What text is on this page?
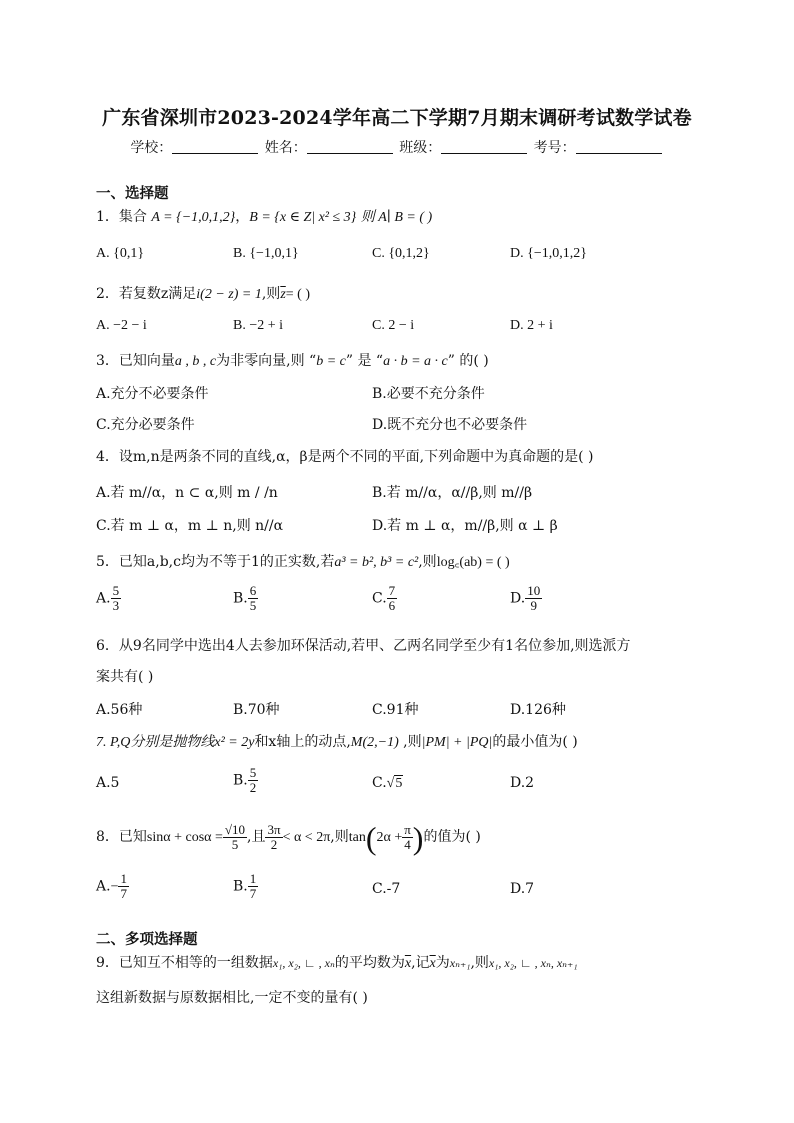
广东省深圳市2023-2024学年高二下学期7月期末调研考试数学试卷
学校：	姓名：	班级：	考号：
一、选择题
1．集合 A = {−1,0,1,2}，B = {x ∈ Z| x² ≤ 3} 则 A∣ B = ( )
A. {0,1}	B. {−1,0,1}	C. {0,1,2}	D. {−1,0,1,2}
2．若复数z满足i(2 − z) = 1,则$\overline{z}=$ ( )
A. −2 − i	B. −2 + i	C. 2 − i	D. 2 + i
3．已知向量a , b , c为非零向量,则 “b = c” 是 “a · b = a · c” 的( )
A.充分不必要条件	B.必要不充分条件
C.充分必要条件	D.既不充分也不必要条件
4．设m,n是两条不同的直线,α，β是两个不同的平面,下列命题中为真命题的是( )
A.若 m//α，n ⊂ α,则 m / /n	B.若 m//α，α//β,则 m//β
C.若 m ⊥ α，m ⊥ n,则 n//α	D.若 m ⊥ α，m//β,则 α ⊥ β
5．已知a,b,c均为不等于1的正实数,若a³ = b², b³ = c²,则log꜀(ab) = ( )
A. $\frac{5}{3}$	B. $\frac{6}{5}$	C. $\frac{7}{6}$	D. $\frac{10}{9}$
6．从9名同学中选出4人去参加环保活动,若甲、乙两名同学至少有1名位参加,则选派方
案共有( )
A.56种	B.70种	C.91种	D.126种
7. P,Q分别是抛物线x² = 2y和x轴上的动点,M(2,−1) ,则|PM| + |PQ|的最小值为( )
A.5	B. $\frac{5}{2}$	C.√5	D.2
8．已知$\sin\alpha + \cos\alpha = \frac{√10}{5}$ ,且 $\frac{3\pi}{2} < \alpha < 2\pi$,则$\tan(2\alpha + \frac{\pi}{4}$ )的值为( )
$A.- \frac{1}{7}$	B. $\frac{1}{7}$	C.-7	D.7
二、多项选择题
9．已知互不相等的一组数据x₁, x₂, ∟ , xₙ的平均数为$\overline{x}$,记$\overline{x}$为xₙ₊₁,则x₁, x₂, ∟ , xₙ, xₙ₊₁
这组新数据与原数据相比,一定不变的量有( )
